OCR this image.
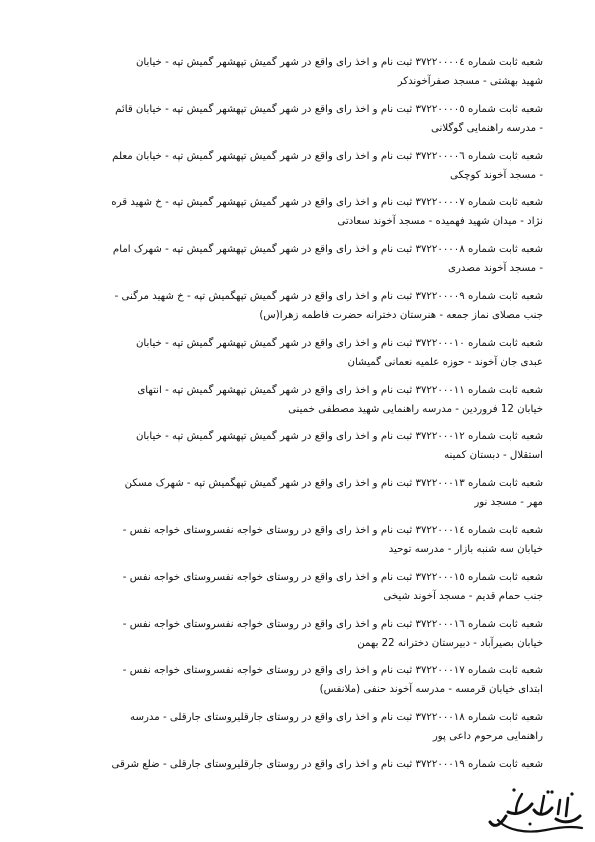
شعبه ثابت شماره ۳۷۲۲۰۰۰۰٤ ثبت نام و اخذ راى واقع در شهر گمیش تپهشهر گمیش تپه - خیابان
شهید بهشتی - مسجد صفرآخوندکر
شعبه ثابت شماره ۳۷۲۲۰۰۰۰٥ ثبت نام و اخذ راى واقع در شهر گمیش تپهشهر گمیش تپه - خیابان قائم
- مدرسه راهنمایی گوگلانی
شعبه ثابت شماره ۳۷۲۲۰۰۰۰٦ ثبت نام و اخذ راى واقع در شهر گمیش تپهشهر گمیش تپه - خیابان معلم
- مسجد آخوند کوچکی
شعبه ثابت شماره ۳۷۲۲۰۰۰۰۷ ثبت نام و اخذ راى واقع در شهر گمیش تپهشهر گمیش تپه - خ شهید قره
نژاد - میدان شهید فهمیده - مسجد آخوند سعادتی
شعبه ثابت شماره ۳۷۲۲۰۰۰۰۸ ثبت نام و اخذ راى واقع در شهر گمیش تپهشهر گمیش تپه - شهرک امام
- مسجد آخوند مصدری
شعبه ثابت شماره ۳۷۲۲۰۰۰۰۹ ثبت نام و اخذ راى واقع در شهر گمیش تپهگمیش تپه - خ شهید مرگنی -
جنب مصلای نماز جمعه - هنرستان دخترانه حضرت فاطمه زهرا(س)
شعبه ثابت شماره ۳۷۲۲۰۰۰۱۰ ثبت نام و اخذ راى واقع در شهر گمیش تپهشهر گمیش تپه - خیابان
عبدی جان آخوند - حوزه علمیه نعمانی گمیشان
شعبه ثابت شماره ۳۷۲۲۰۰۰۱۱ ثبت نام و اخذ راى واقع در شهر گمیش تپهشهر گمیش تپه - انتهای
خیابان 12 فروردین - مدرسه راهنمایی شهید مصطفی خمینی
شعبه ثابت شماره ۳۷۲۲۰۰۰۱۲ ثبت نام و اخذ راى واقع در شهر گمیش تپهشهر گمیش تپه - خیابان
استقلال - دبستان کمینه
شعبه ثابت شماره ۳۷۲۲۰۰۰۱۳ ثبت نام و اخذ راى واقع در شهر گمیش تپهگمیش تپه - شهرک مسکن
مهر - مسجد نور
شعبه ثابت شماره ۳۷۲۲۰۰۰۱٤ ثبت نام و اخذ راى واقع در روستای خواجه نفسروستای خواجه نفس -
خیابان سه شنبه بازار - مدرسه توحید
شعبه ثابت شماره ۳۷۲۲۰۰۰۱٥ ثبت نام و اخذ راى واقع در روستای خواجه نفسروستای خواجه نفس -
جنب حمام قدیم - مسجد آخوند شیخی
شعبه ثابت شماره ۳۷۲۲۰۰۰۱٦ ثبت نام و اخذ راى واقع در روستای خواجه نفسروستای خواجه نفس -
خیابان بصیرآباد - دبیرستان دخترانه 22 بهمن
شعبه ثابت شماره ۳۷۲۲۰۰۰۱۷ ثبت نام و اخذ راى واقع در روستای خواجه نفسروستای خواجه نفس -
ابتدای خیابان قرمسه - مدرسه آخوند حنفی (ملانفس)
شعبه ثابت شماره ۳۷۲۲۰۰۰۱۸ ثبت نام و اخذ راى واقع در روستای جارقلیروستای جارقلی - مدرسه
راهنمایی مرحوم داعی پور
شعبه ثابت شماره ۳۷۲۲۰۰۰۱۹ ثبت نام و اخذ راى واقع در روستای جارقلیروستای جارقلی - ضلع شرقی
